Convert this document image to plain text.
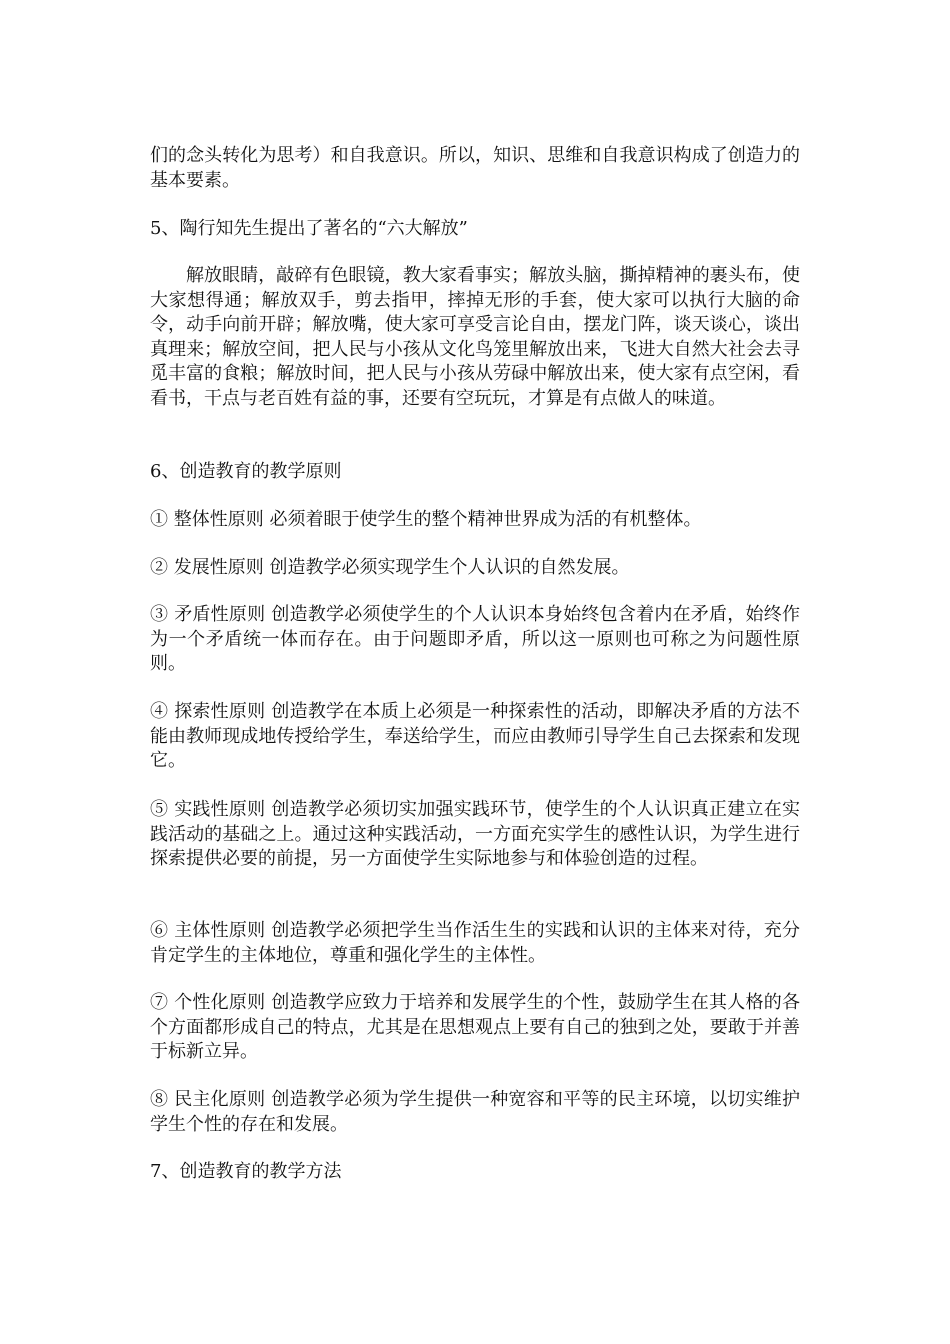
们的念头转化为思考）和自我意识。所以，知识、思维和自我意识构成了创造力的基本要素。

5、陶行知先生提出了著名的“六大解放”

解放眼睛，敲碎有色眼镜，教大家看事实；解放头脑，撕掉精神的裹头布，使大家想得通；解放双手，剪去指甲，摔掉无形的手套，使大家可以执行大脑的命令，动手向前开辟；解放嘴，使大家可享受言论自由，摆龙门阵，谈天谈心，谈出真理来；解放空间，把人民与小孩从文化鸟笼里解放出来，飞进大自然大社会去寻觅丰富的食粮；解放时间，把人民与小孩从劳碌中解放出来，使大家有点空闲，看看书，干点与老百姓有益的事，还要有空玩玩，才算是有点做人的味道。

6、创造教育的教学原则

① 整体性原则 必须着眼于使学生的整个精神世界成为活的有机整体。

② 发展性原则 创造教学必须实现学生个人认识的自然发展。

③ 矛盾性原则 创造教学必须使学生的个人认识本身始终包含着内在矛盾，始终作为一个矛盾统一体而存在。由于问题即矛盾，所以这一原则也可称之为问题性原则。

④ 探索性原则 创造教学在本质上必须是一种探索性的活动，即解决矛盾的方法不能由教师现成地传授给学生，奉送给学生，而应由教师引导学生自己去探索和发现它。

⑤ 实践性原则 创造教学必须切实加强实践环节，使学生的个人认识真正建立在实践活动的基础之上。通过这种实践活动，一方面充实学生的感性认识，为学生进行探索提供必要的前提，另一方面使学生实际地参与和体验创造的过程。

⑥ 主体性原则 创造教学必须把学生当作活生生的实践和认识的主体来对待，充分肯定学生的主体地位，尊重和强化学生的主体性。

⑦ 个性化原则 创造教学应致力于培养和发展学生的个性，鼓励学生在其人格的各个方面都形成自己的特点，尤其是在思想观点上要有自己的独到之处，要敢于并善于标新立异。

⑧ 民主化原则 创造教学必须为学生提供一种宽容和平等的民主环境，以切实维护学生个性的存在和发展。

7、创造教育的教学方法
